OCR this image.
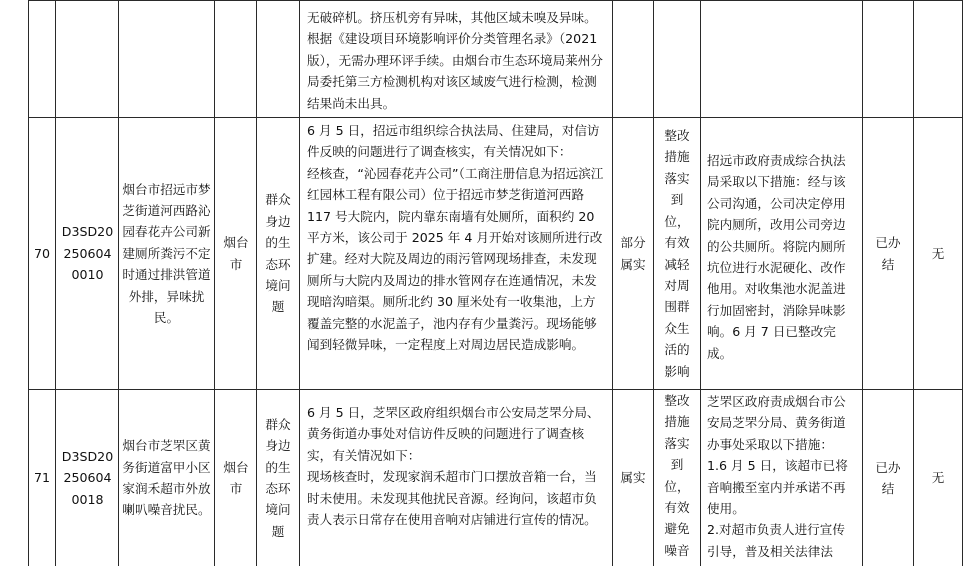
无破碎机。挤压机旁有异味，其他区域未嗅及异味。根据《建设项目环境影响评价分类管理名录》（2021 版），无需办理环评手续。由烟台市生态环境局莱州分局委托第三方检测机构对该区域废气进行检测，检测结果尚未出具。

70
D3SD202506040010
烟台市招远市梦芝街道河西路沁园春花卉公司新建厕所粪污不定时通过排洪管道外排，异味扰民。
烟台市
群众身边的生态环境问题

6 月 5 日，招远市组织综合执法局、住建局，对信访件反映的问题进行了调查核实，有关情况如下：

经核查，“沁园春花卉公司”（工商注册信息为招远滨江红园林工程有限公司）位于招远市梦芝街道河西路 117 号大院内，院内靠东南墙有处厕所，面积约 20 平方米，该公司于 2025 年 4 月开始对该厕所进行改扩建。经对大院及周边的雨污管网现场排查，未发现厕所与大院内及周边的排水管网存在连通情况，未发现暗沟暗渠。厕所北约 30 厘米处有一收集池，上方覆盖完整的水泥盖子，池内存有少量粪污。现场能够闻到轻微异味，一定程度上对周边居民造成影响。

部分属实
整改措施落实到位，有效减轻对周围群众生活的影响

招远市政府责成综合执法局采取以下措施：经与该公司沟通，公司决定停用院内厕所，改用公司旁边的公共厕所。将院内厕所坑位进行水泥硬化、改作他用。对收集池水泥盖进行加固密封，消除异味影响。6 月 7 日已整改完成。

已办结
无
71
D3SD202506040018
烟台市芝罘区黄务街道富甲小区家润禾超市外放喇叭噪音扰民。
烟台市
群众身边的生态环境问题

6 月 5 日，芝罘区政府组织烟台市公安局芝罘分局、黄务街道办事处对信访件反映的问题进行了调查核实，有关情况如下：

现场核查时，发现家润禾超市门口摆放音箱一台，当时未使用。未发现其他扰民音源。经询问，该超市负责人表示日常存在使用音响对店铺进行宣传的情况。

属实
整改措施落实到位，有效避免噪音

芝罘区政府责成烟台市公安局芝罘分局、黄务街道办事处采取以下措施：

1.6 月 5 日，该超市已将音响搬至室内并承诺不再使用。

2.对超市负责人进行宣传引导，普及相关法律法

已办结
无
